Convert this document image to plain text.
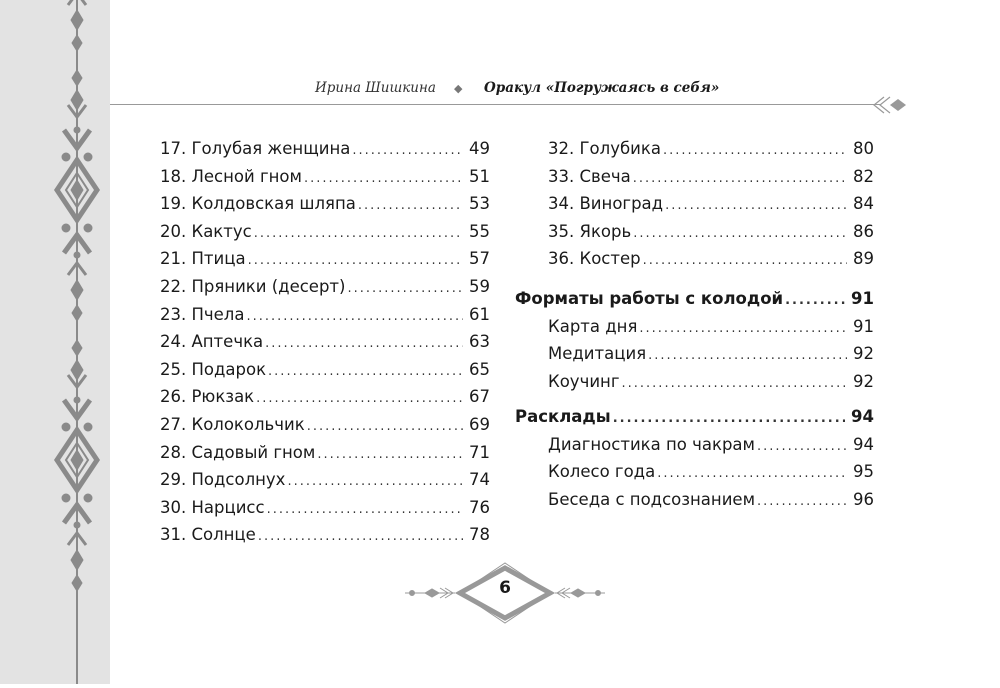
Ирина Шишкина ◆ Оракул «Погружаясь в себя»
17. Голубая женщина .....	49
18. Лесной гном .....	51
19. Колдовская шляпа .....	53
20. Кактус .....	55
21. Птица .....	57
22. Пряники (десерт) .....	59
23. Пчела .....	61
24. Аптечка .....	63
25. Подарок .....	65
26. Рюкзак .....	67
27. Колокольчик .....	69
28. Садовый гном .....	71
29. Подсолнух .....	74
30. Нарцисс .....	76
31. Солнце .....	78
32. Голубика .....	80
33. Свеча .....	82
34. Виноград .....	84
35. Якорь .....	86
36. Костер .....	89
Форматы работы с колодой .....	91
Карта дня .....	91
Медитация .....	92
Коучинг .....	92
Расклады .....	94
Диагностика по чакрам .....	94
Колесо года .....	95
Беседа с подсознанием .....	96
6
